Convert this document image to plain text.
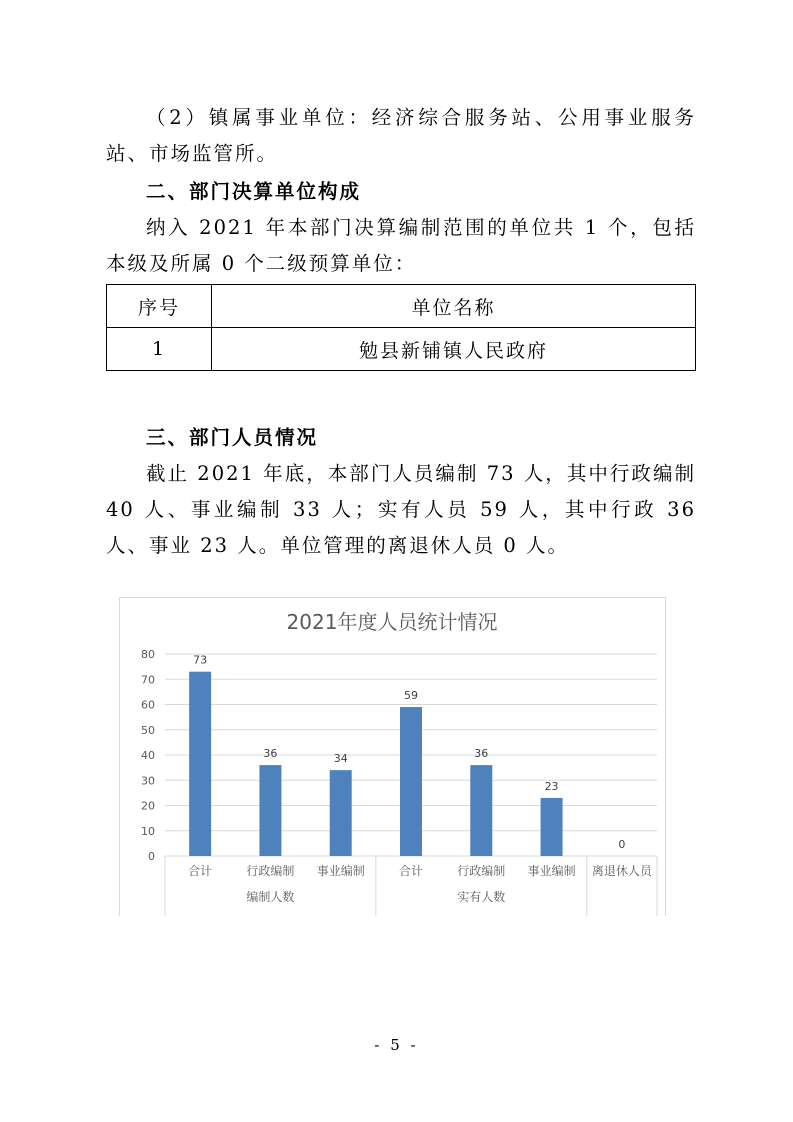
（2）镇属事业单位：经济综合服务站、公用事业服务站、市场监管所。

二、部门决算单位构成

纳入 2021 年本部门决算编制范围的单位共 1 个，包括本级及所属 0 个二级预算单位：

序号	单位名称
1	勉县新铺镇人民政府
三、部门人员情况

截止 2021 年底，本部门人员编制 73 人，其中行政编制 40 人、事业编制 33 人；实有人员 59 人，其中行政 36 人、事业 23 人。单位管理的离退休人员 0 人。

2021年度人员统计情况
0
10
20
30
40
50
60
70
80	73
合计
36
行政编制
34
事业编制
59
合计
36
行政编制
23
事业编制
0
离退休人员
编制人数	实有人数
- 5 -
